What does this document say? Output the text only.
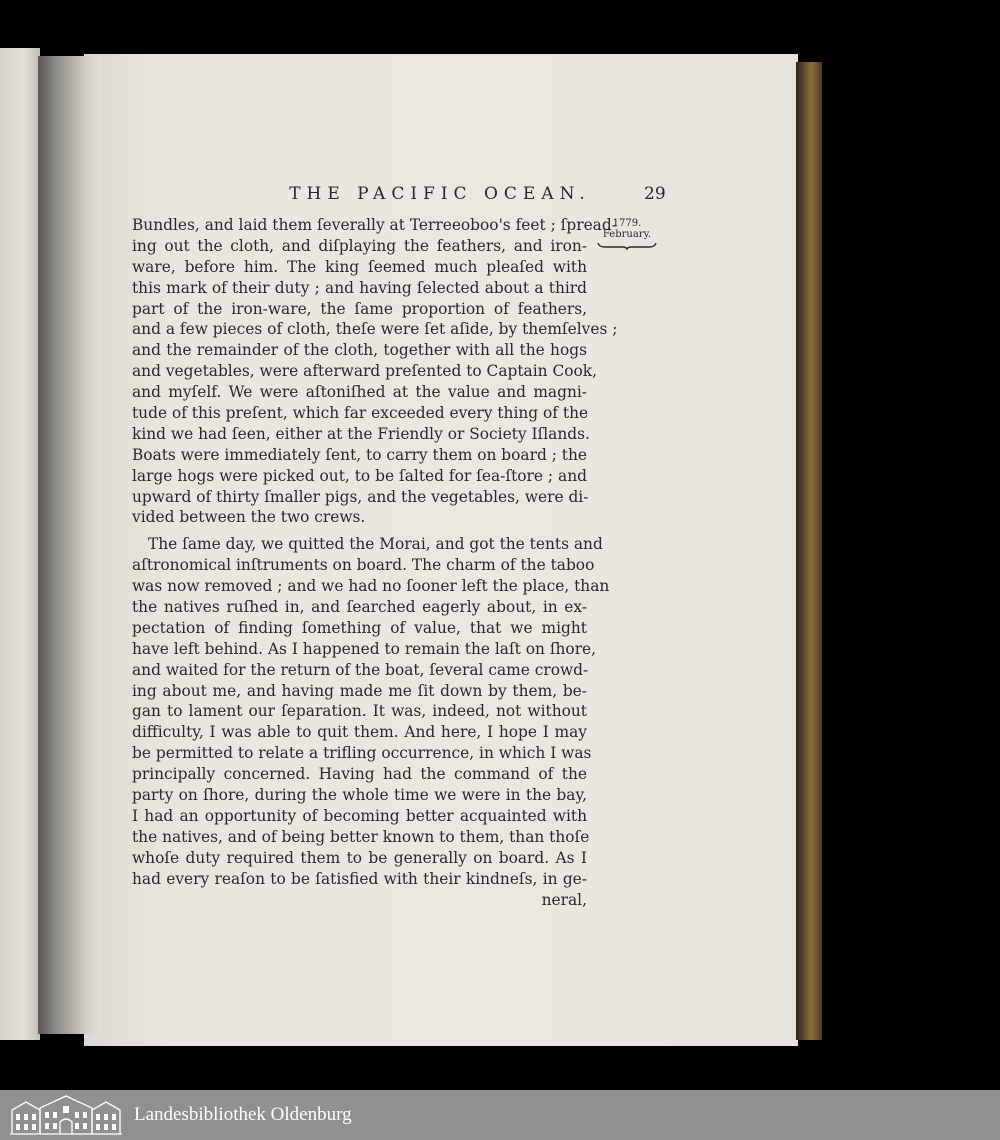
THE PACIFIC OCEAN.	29
1779.
February.
Bundles, and laid them ſeverally at Terreeoboo's feet ; ſpread-
ing out the cloth, and diſplaying the feathers, and iron-
ware, before him. The king ſeemed much pleaſed with
this mark of their duty ; and having ſelected about a third
part of the iron-ware, the ſame proportion of feathers,
and a few pieces of cloth, theſe were ſet aſide, by themſelves ;
and the remainder of the cloth, together with all the hogs
and vegetables, were afterward preſented to Captain Cook,
and myſelf. We were aſtoniſhed at the value and magni-
tude of this preſent, which far exceeded every thing of the
kind we had ſeen, either at the Friendly or Society Iſlands.
Boats were immediately ſent, to carry them on board ; the
large hogs were picked out, to be ſalted for ſea-ſtore ; and
upward of thirty ſmaller pigs, and the vegetables, were di-
vided between the two crews.
The ſame day, we quitted the Morai, and got the tents and
aſtronomical inſtruments on board. The charm of the taboo
was now removed ; and we had no ſooner left the place, than
the natives ruſhed in, and ſearched eagerly about, in ex-
pectation of finding ſomething of value, that we might
have left behind. As I happened to remain the laſt on ſhore,
and waited for the return of the boat, ſeveral came crowd-
ing about me, and having made me ſit down by them, be-
gan to lament our ſeparation. It was, indeed, not without
difficulty, I was able to quit them. And here, I hope I may
be permitted to relate a trifling occurrence, in which I was
principally concerned. Having had the command of the
party on ſhore, during the whole time we were in the bay,
I had an opportunity of becoming better acquainted with
the natives, and of being better known to them, than thoſe
whoſe duty required them to be generally on board. As I
had every reaſon to be ſatisfied with their kindneſs, in ge-
neral,
Landesbibliothek Oldenburg
